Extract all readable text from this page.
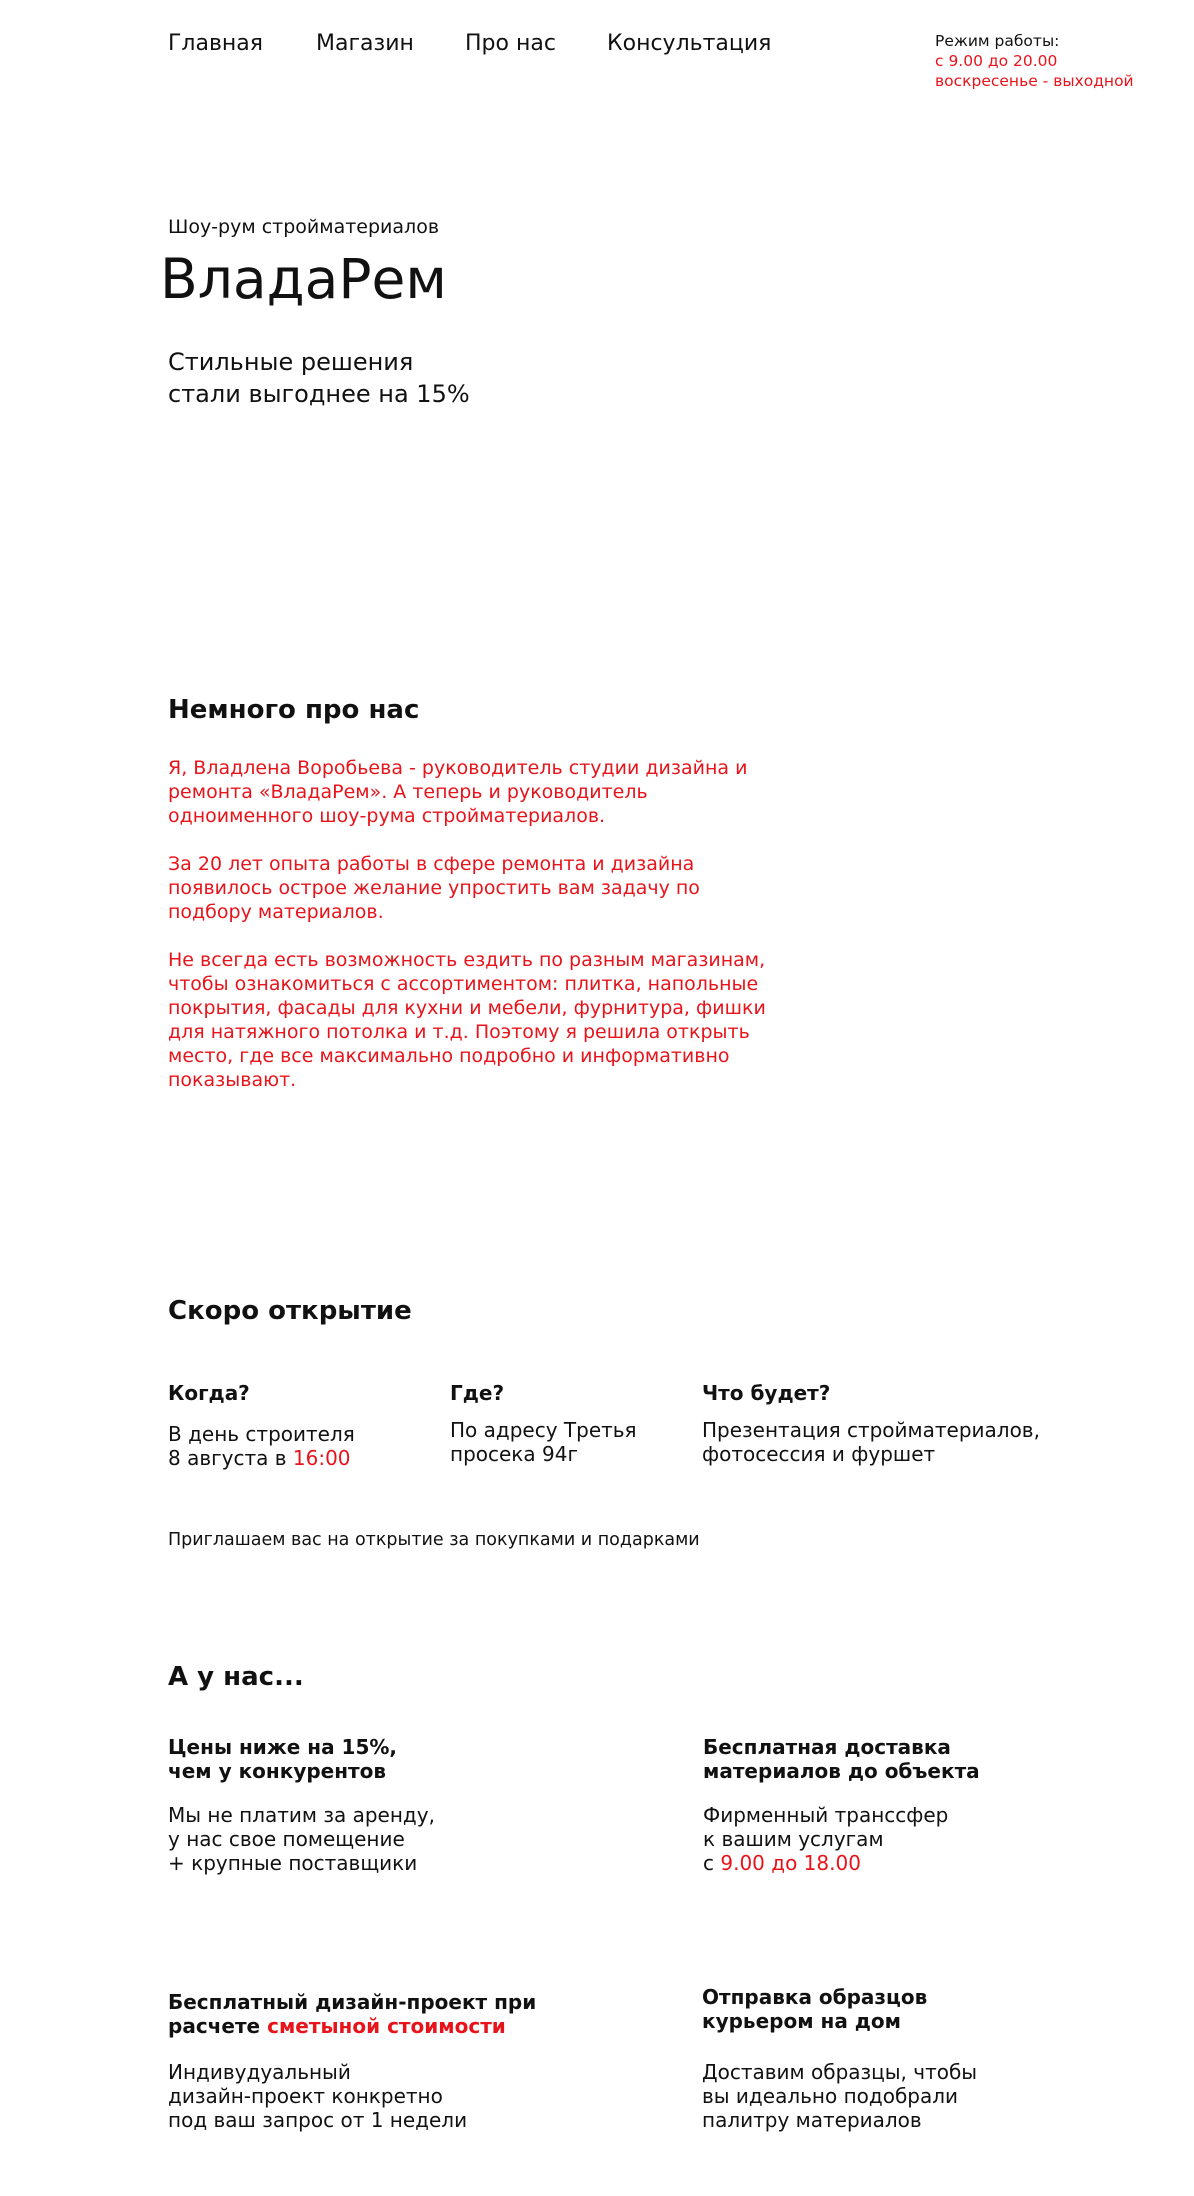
Главная Магазин Про нас Консультация	Режим работы:
с 9.00 до 20.00
воскресенье - выходной
Шоу-рум стройматериалов
ВладаРем
Стильные решения
стали выгоднее на 15%
Немного про нас

Я, Владлена Воробьева - руководитель студии дизайна и
ремонта «ВладаРем». А теперь и руководитель
одноименного шоу-рума стройматериалов.

За 20 лет опыта работы в сфере ремонта и дизайна
появилось острое желание упростить вам задачу по
подбору материалов.

Не всегда есть возможность ездить по разным магазинам,
чтобы ознакомиться с ассортиментом: плитка, напольные
покрытия, фасады для кухни и мебели, фурнитура, фишки
для натяжного потолка и т.д. Поэтому я решила открыть
место, где все максимально подробно и информативно
показывают.

Скоро открытие
Когда?
В день строителя
8 августа в 16:00
Где?
По адресу Третья
просека 94г
Что будет?
Презентация стройматериалов,
фотосессия и фуршет
Приглашаем вас на открытие за покупками и подарками
А у нас...
Цены ниже на 15%,
чем у конкурентов
Мы не платим за аренду,
у нас свое помещение
+ крупные поставщики
Бесплатная доставка
материалов до объекта
Фирменный трансcфер
к вашим услугам
с 9.00 до 18.00
Бесплатный дизайн-проект при
расчете сметыной стоимости
Индивудуальный
дизайн-проект конкретно
под ваш запрос от 1 недели
Отправка образцов
курьером на дом
Доставим образцы, чтобы
вы идеально подобрали
палитру материалов
